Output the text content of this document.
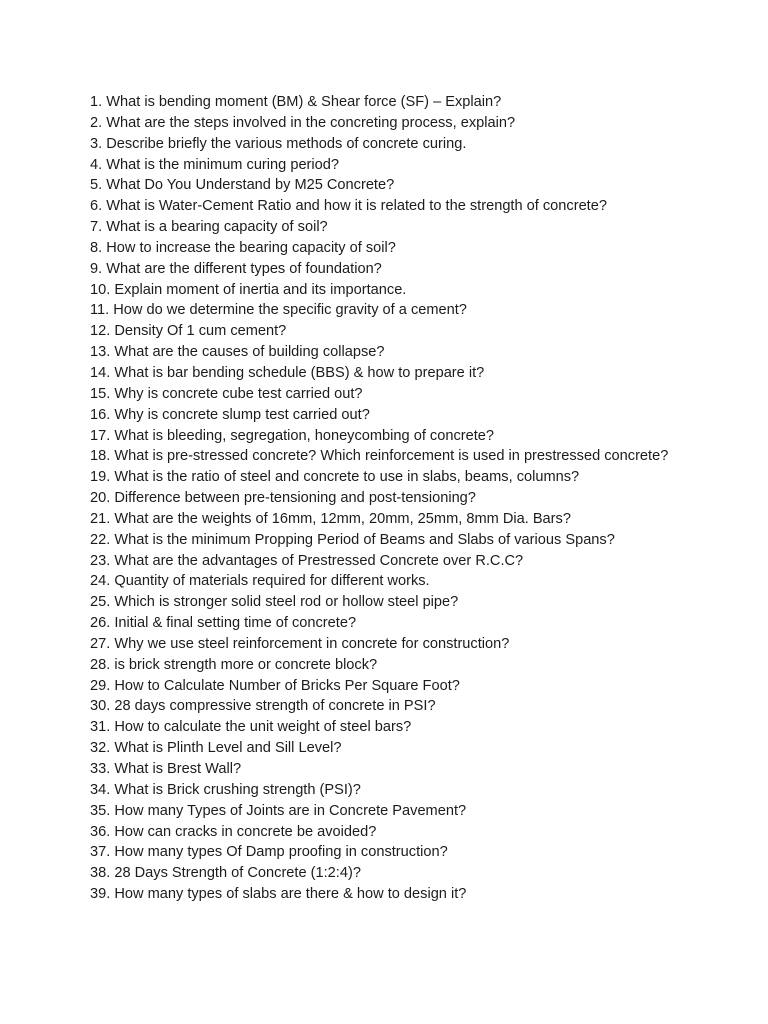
1. What is bending moment (BM) & Shear force (SF) – Explain?
2. What are the steps involved in the concreting process, explain?
3. Describe briefly the various methods of concrete curing.
4. What is the minimum curing period?
5. What Do You Understand by M25 Concrete?
6. What is Water-Cement Ratio and how it is related to the strength of concrete?
7. What is a bearing capacity of soil?
8. How to increase the bearing capacity of soil?
9. What are the different types of foundation?
10. Explain moment of inertia and its importance.
11. How do we determine the specific gravity of a cement?
12. Density Of 1 cum cement?
13. What are the causes of building collapse?
14. What is bar bending schedule (BBS) & how to prepare it?
15. Why is concrete cube test carried out?
16. Why is concrete slump test carried out?
17. What is bleeding, segregation, honeycombing of concrete?
18. What is pre-stressed concrete? Which reinforcement is used in prestressed concrete?
19. What is the ratio of steel and concrete to use in slabs, beams, columns?
20. Difference between pre-tensioning and post-tensioning?
21. What are the weights of 16mm, 12mm, 20mm, 25mm, 8mm Dia. Bars?
22. What is the minimum Propping Period of Beams and Slabs of various Spans?
23. What are the advantages of Prestressed Concrete over R.C.C?
24. Quantity of materials required for different works.
25. Which is stronger solid steel rod or hollow steel pipe?
26. Initial & final setting time of concrete?
27. Why we use steel reinforcement in concrete for construction?
28. is brick strength more or concrete block?
29. How to Calculate Number of Bricks Per Square Foot?
30. 28 days compressive strength of concrete in PSI?
31. How to calculate the unit weight of steel bars?
32. What is Plinth Level and Sill Level?
33. What is Brest Wall?
34. What is Brick crushing strength (PSI)?
35. How many Types of Joints are in Concrete Pavement?
36. How can cracks in concrete be avoided?
37. How many types Of Damp proofing in construction?
38. 28 Days Strength of Concrete (1:2:4)?
39. How many types of slabs are there & how to design it?
